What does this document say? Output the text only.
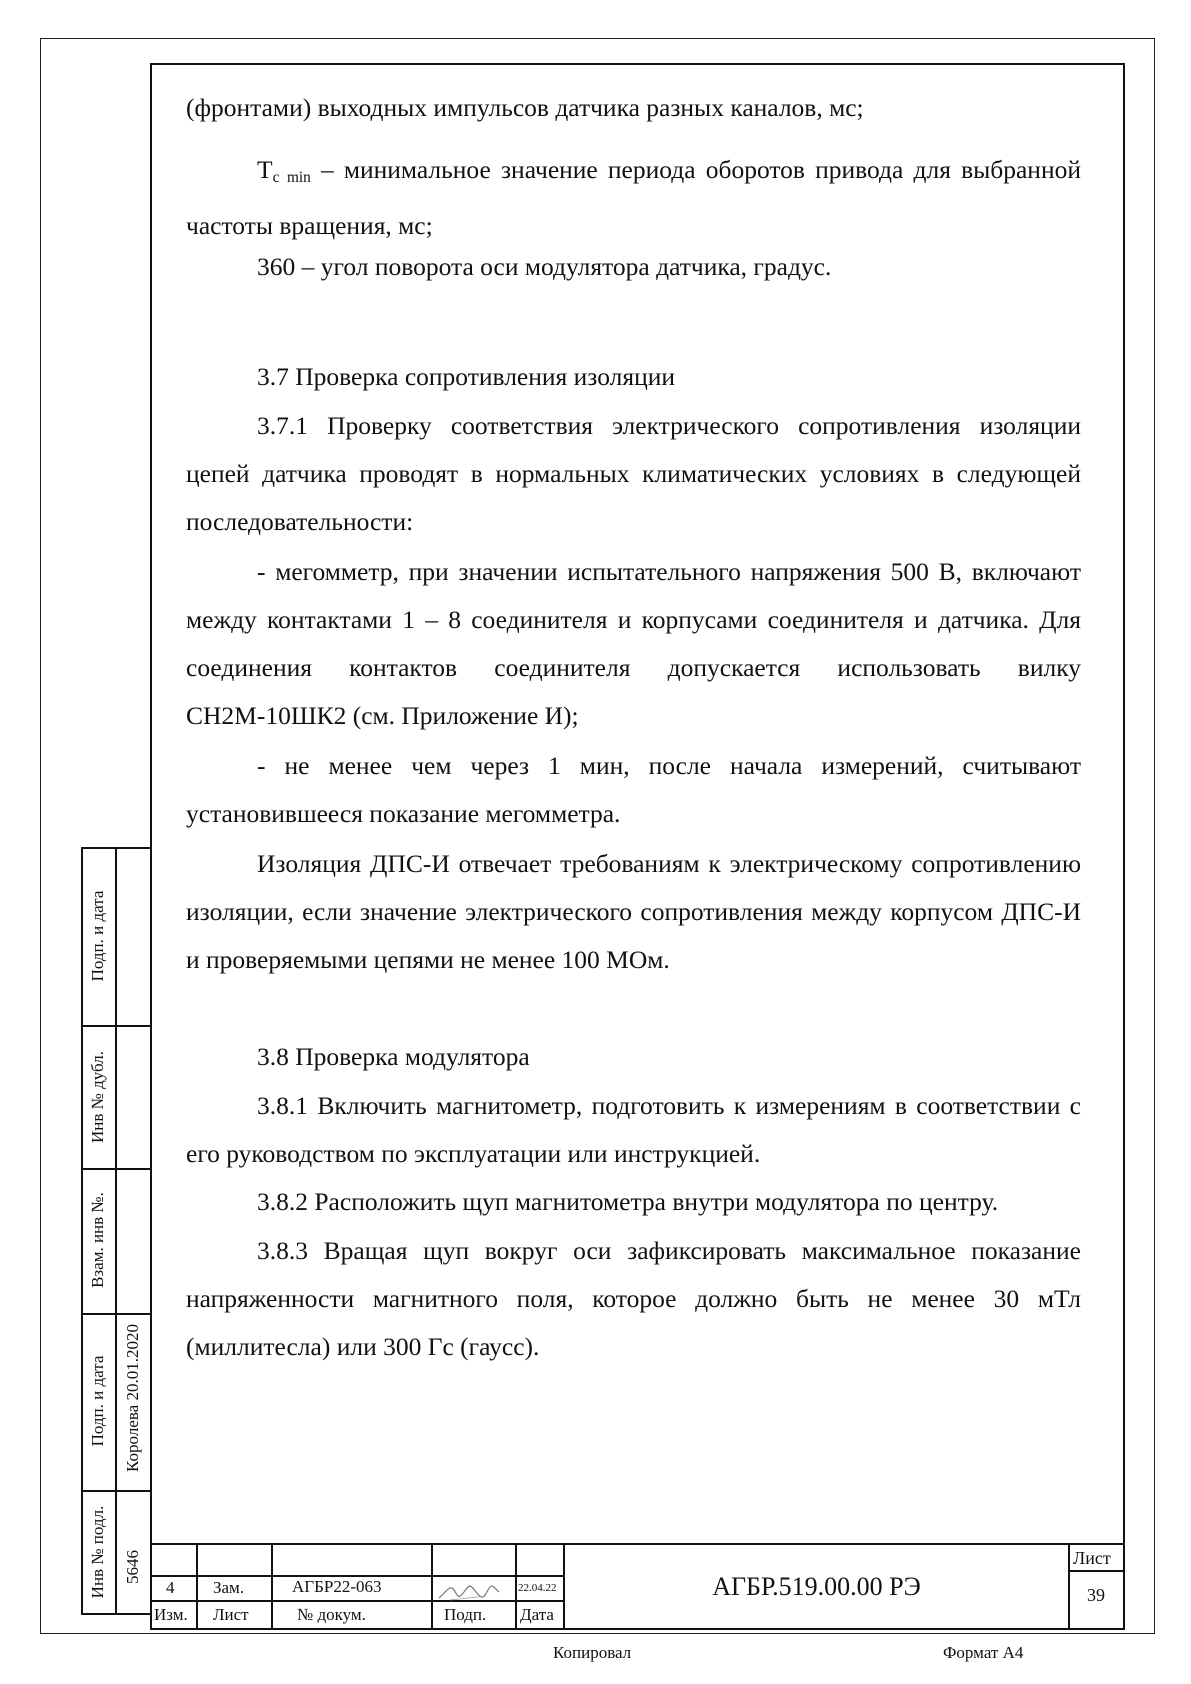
(фронтами) выходных импульсов датчика разных каналов, мс;

$T_{c min}$ – минимальное значение периода оборотов привода для выбранной частоты вращения, мс;

360 – угол поворота оси модулятора датчика, градус.

3.7 Проверка сопротивления изоляции

3.7.1 Проверку соответствия электрического сопротивления изоляции цепей датчика проводят в нормальных климатических условиях в следующей последовательности:

- мегомметр, при значении испытательного напряжения 500 В, включают между контактами 1 – 8 соединителя и корпусами соединителя и датчика. Для соединения контактов соединителя допускается использовать вилку СН2М-10ШК2 (см. Приложение И);

- не менее чем через 1 мин, после начала измерений, считывают установившееся показание мегомметра.

Изоляция ДПС-И отвечает требованиям к электрическому сопротивлению изоляции, если значение электрического сопротивления между корпусом ДПС-И и проверяемыми цепями не менее 100 МОм.

3.8 Проверка модулятора

3.8.1 Включить магнитометр, подготовить к измерениям в соответствии с его руководством по эксплуатации или инструкцией.

3.8.2 Расположить щуп магнитометра внутри модулятора по центру.

3.8.3 Вращая щуп вокруг оси зафиксировать максимальное показание напряженности магнитного поля, которое должно быть не менее 30 мТл (миллитесла) или 300 Гс (гаусс).

Подп. и дата
Инв № дубл.
Взам. инв №.
Подп. и дата Королева 20.01.2020
Инв № подл. 5646
4 Зам.	АГБР22-063	22.04.22
Изм. Лист	№ докум.	Подп. Дата
АГБР.519.00.00 РЭ
Лист
39
Копировал	Формат А4
